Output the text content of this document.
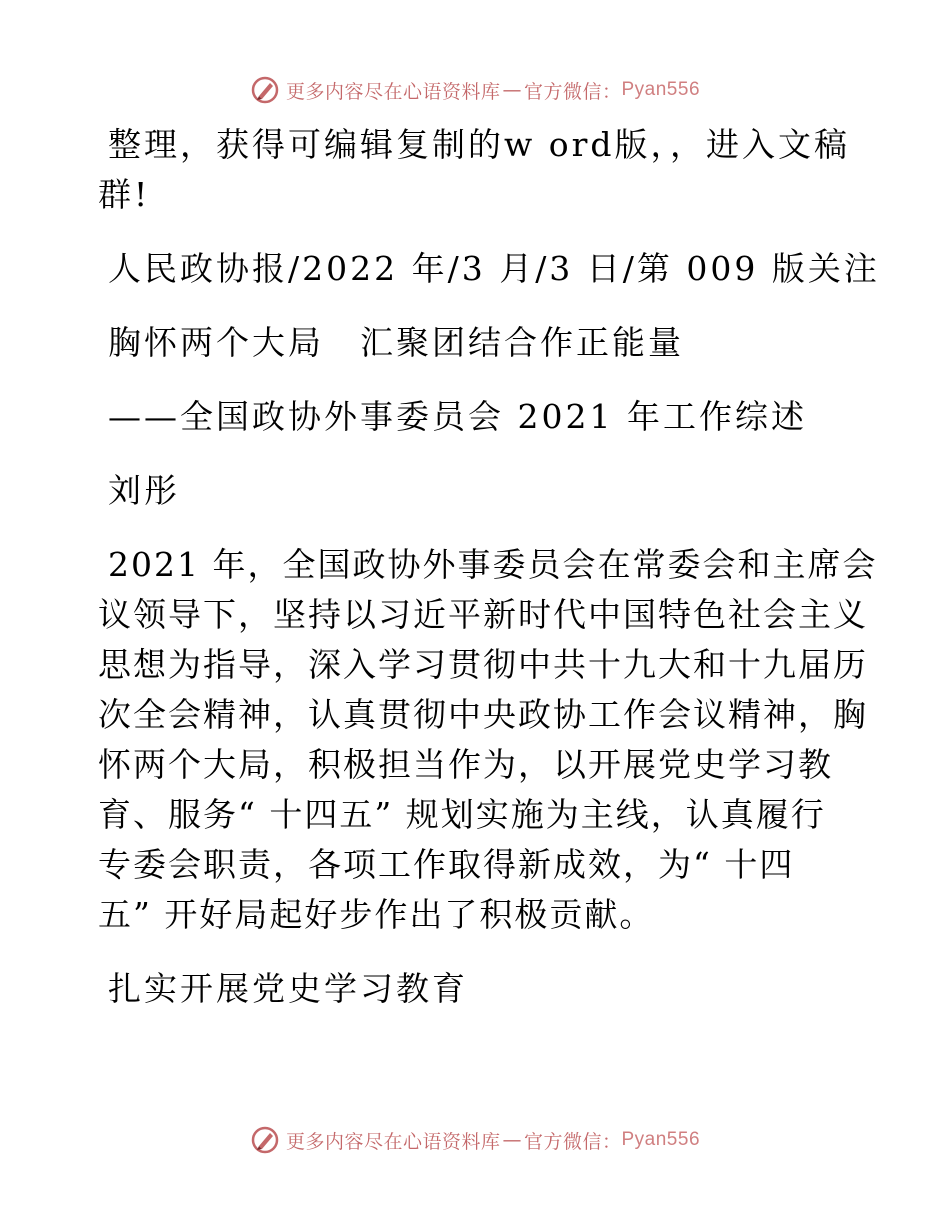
更多内容尽在心语资料库 — 官方微信： Pyan556
整理，获得可编辑复制的w ord版，，进入文稿
群!
人民政协报/2022 年/3 月/3 日/第 009 版关注
胸怀两个大局　汇聚团结合作正能量
——全国政协外事委员会 2021 年工作综述
刘彤
2021 年，全国政协外事委员会在常委会和主席会
议领导下，坚持以习近平新时代中国特色社会主义
思想为指导，深入学习贯彻中共十九大和十九届历
次全会精神，认真贯彻中央政协工作会议精神，胸
怀两个大局，积极担当作为，以开展党史学习教
育、服务“ 十四五” 规划实施为主线，认真履行
专委会职责，各项工作取得新成效，为“ 十四
五” 开好局起好步作出了积极贡献。
扎实开展党史学习教育
更多内容尽在心语资料库 — 官方微信： Pyan556
